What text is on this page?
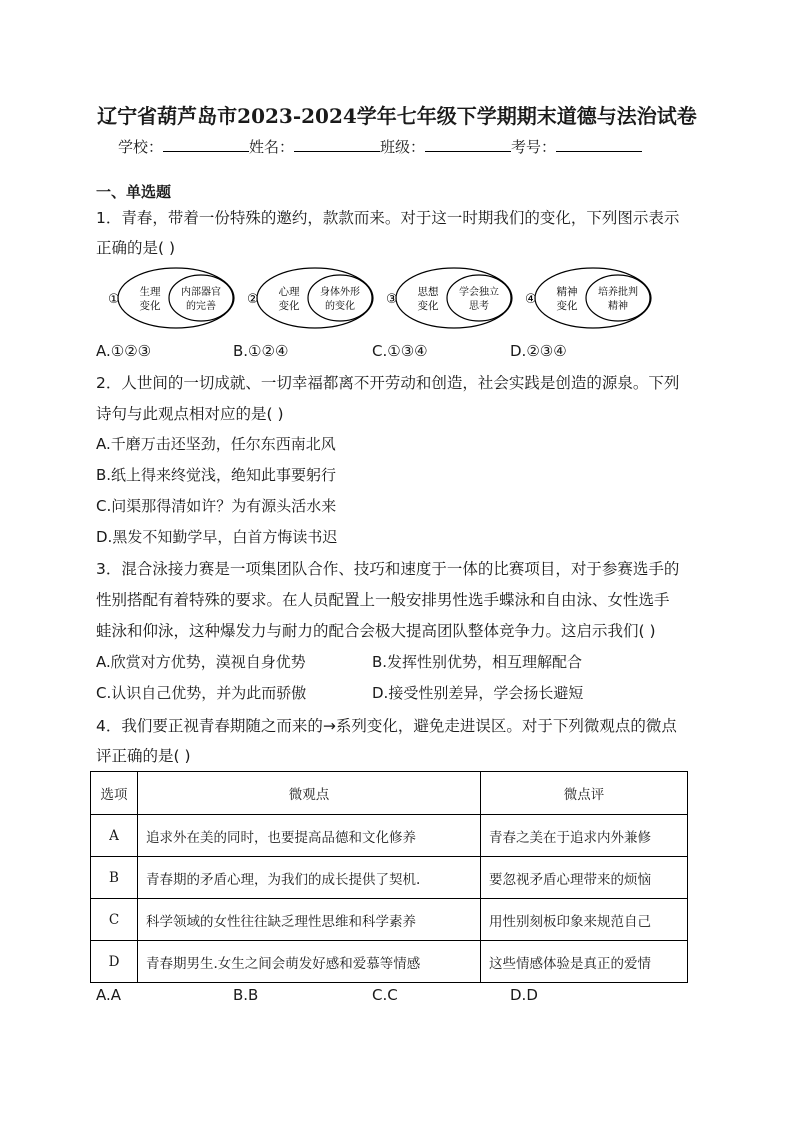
辽宁省葫芦岛市2023-2024学年七年级下学期期末道德与法治试卷
学校：	姓名：	班级：	考号：
一、单选题
1．青春，带着一份特殊的邀约，款款而来。对于这一时期我们的变化，下列图示表示
正确的是( )
① 生理
变化
内部器官
的完善 ② 心理
变化
身体外形
的变化 ③ 思想
变化
学会独立
思考	④ 精神
变化
培养批判
精神
A.①②③	B.①②④	C.①③④	D.②③④
2．人世间的一切成就、一切幸福都离不开劳动和创造，社会实践是创造的源泉。下列
诗句与此观点相对应的是( )
A.千磨万击还坚劲，任尔东西南北风
B.纸上得来终觉浅，绝知此事要躬行
C.问渠那得清如许？为有源头活水来
D.黑发不知勤学早，白首方悔读书迟
3．混合泳接力赛是一项集团队合作、技巧和速度于一体的比赛项目，对于参赛选手的
性别搭配有着特殊的要求。在人员配置上一般安排男性选手蝶泳和自由泳、女性选手
蛙泳和仰泳，这种爆发力与耐力的配合会极大提高团队整体竞争力。这启示我们( )
A.欣赏对方优势，漠视自身优势	B.发挥性别优势，相互理解配合
C.认识自己优势，并为此而骄傲	D.接受性别差异，学会扬长避短
4．我们要正视青春期随之而来的→系列变化，避免走进误区。对于下列微观点的微点
评正确的是( )
选项	微观点	微点评
A	追求外在美的同时，也要提高品德和文化修养	青春之美在于追求内外兼修
B	青春期的矛盾心理，为我们的成长提供了契机.	要忽视矛盾心理带来的烦恼
C	科学领域的女性往往缺乏理性思维和科学素养	用性别刻板印象来规范自己
D	青春期男生.女生之间会萌发好感和爱慕等情感	这些情感体验是真正的爱情
A.A	B.B	C.C	D.D
